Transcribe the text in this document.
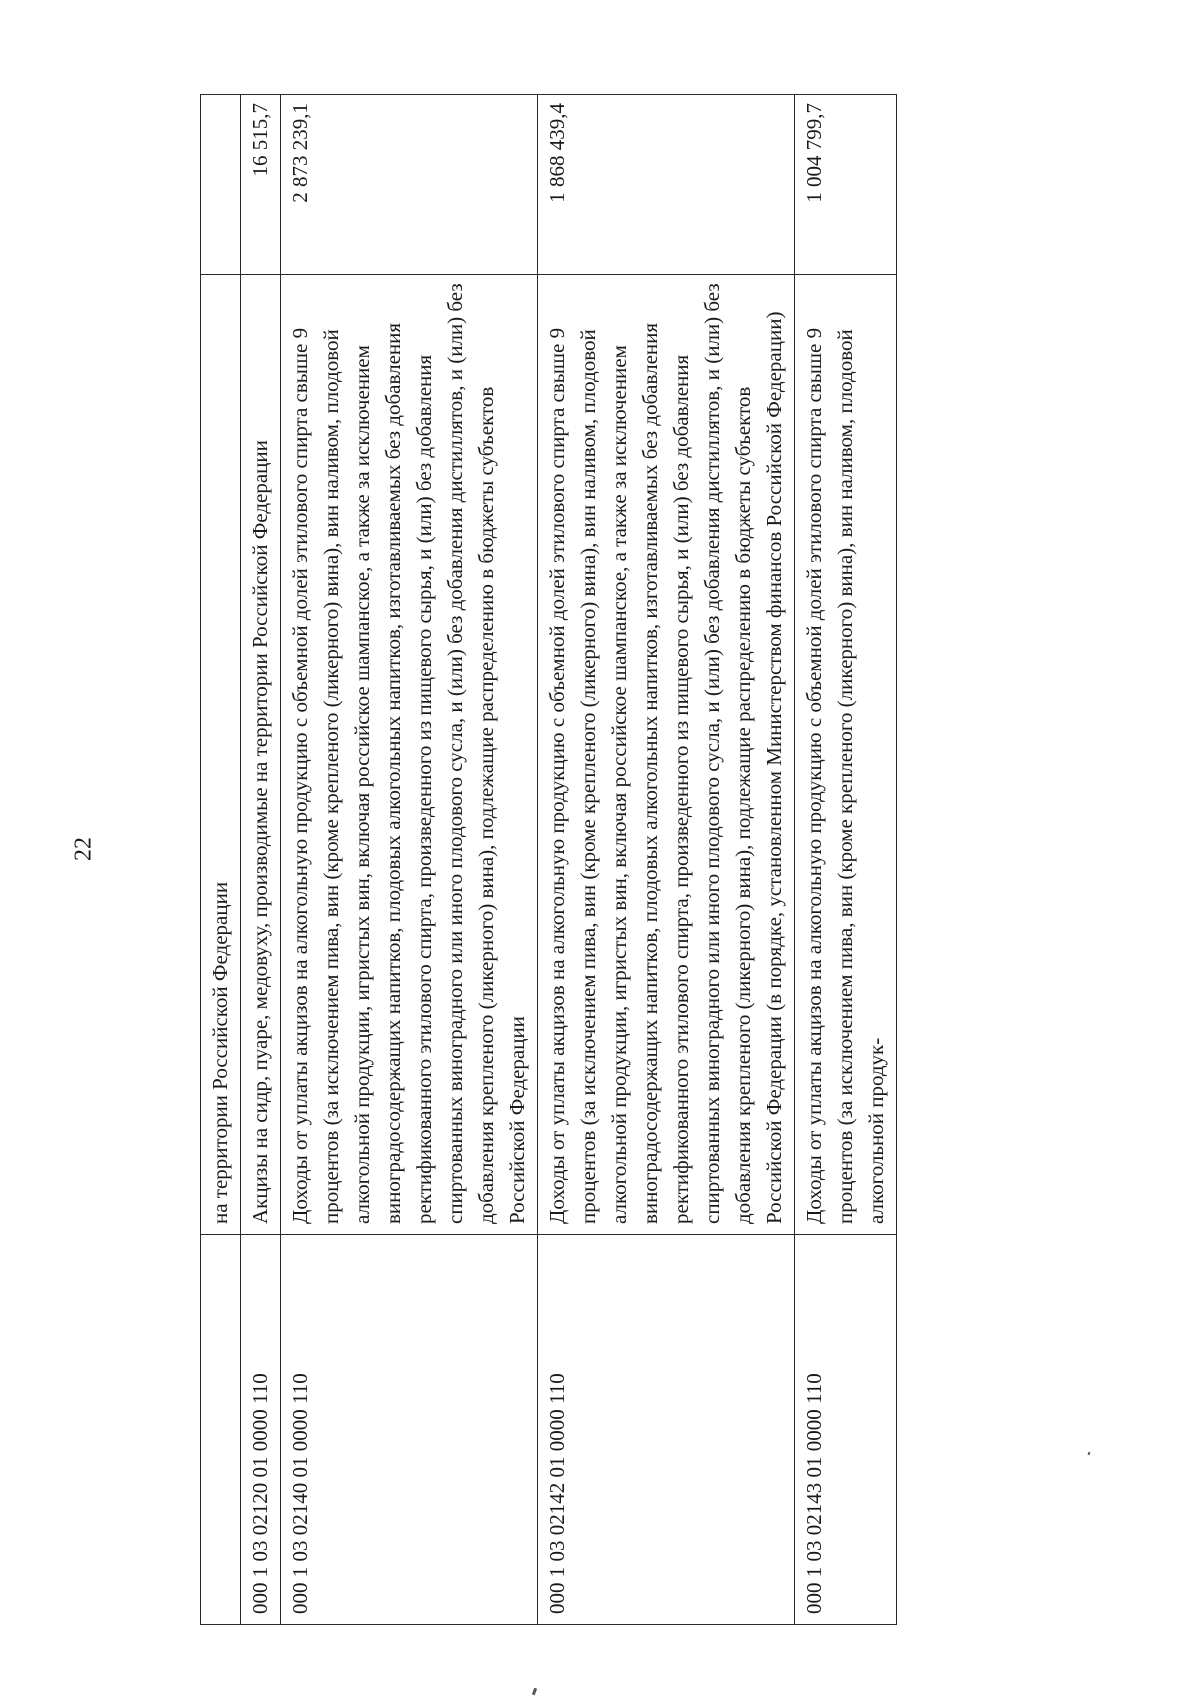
22
	на территории Российской Федерации	
000 1 03 02120 01 0000 110	Акцизы на сидр, пуаре, медовуху, производимые на территории Российской Федерации	16 515,7
000 1 03 02140 01 0000 110	Доходы от уплаты акцизов на алкогольную продукцию с объемной долей этилового спирта свыше 9 процентов (за исключением пива, вин (кроме крепленого (ликерного) вина), вин наливом, плодовой алкогольной продукции, игристых вин, включая российское шампанское, а также за исключением виноградосодержащих напитков, плодовых алкогольных напитков, изготавливаемых без добавления ректификованного этилового спирта, произведенного из пищевого сырья, и (или) без добавления спиртованных виноградного или иного плодового сусла, и (или) без добавления дистиллятов, и (или) без добавления крепленого (ликерного) вина), подлежащие распределению в бюджеты субъектов Российской Федерации	2 873 239,1
000 1 03 02142 01 0000 110	Доходы от уплаты акцизов на алкогольную продукцию с объемной долей этилового спирта свыше 9 процентов (за исключением пива, вин (кроме крепленого (ликерного) вина), вин наливом, плодовой алкогольной продукции, игристых вин, включая российское шампанское, а также за исключением виноградосодержащих напитков, плодовых алкогольных напитков, изготавливаемых без добавления ректификованного этилового спирта, произведенного из пищевого сырья, и (или) без добавления спиртованных виноградного или иного плодового сусла, и (или) без добавления дистиллятов, и (или) без добавления крепленого (ликерного) вина), подлежащие распределению в бюджеты субъектов Российской Федерации (в порядке, установленном Министерством финансов Российской Федерации)	1 868 439,4
000 1 03 02143 01 0000 110	Доходы от уплаты акцизов на алкогольную продукцию с объемной долей этилового спирта свыше 9 процентов (за исключением пива, вин (кроме крепленого (ликерного) вина), вин наливом, плодовой алкогольной продук-	1 004 799,7
